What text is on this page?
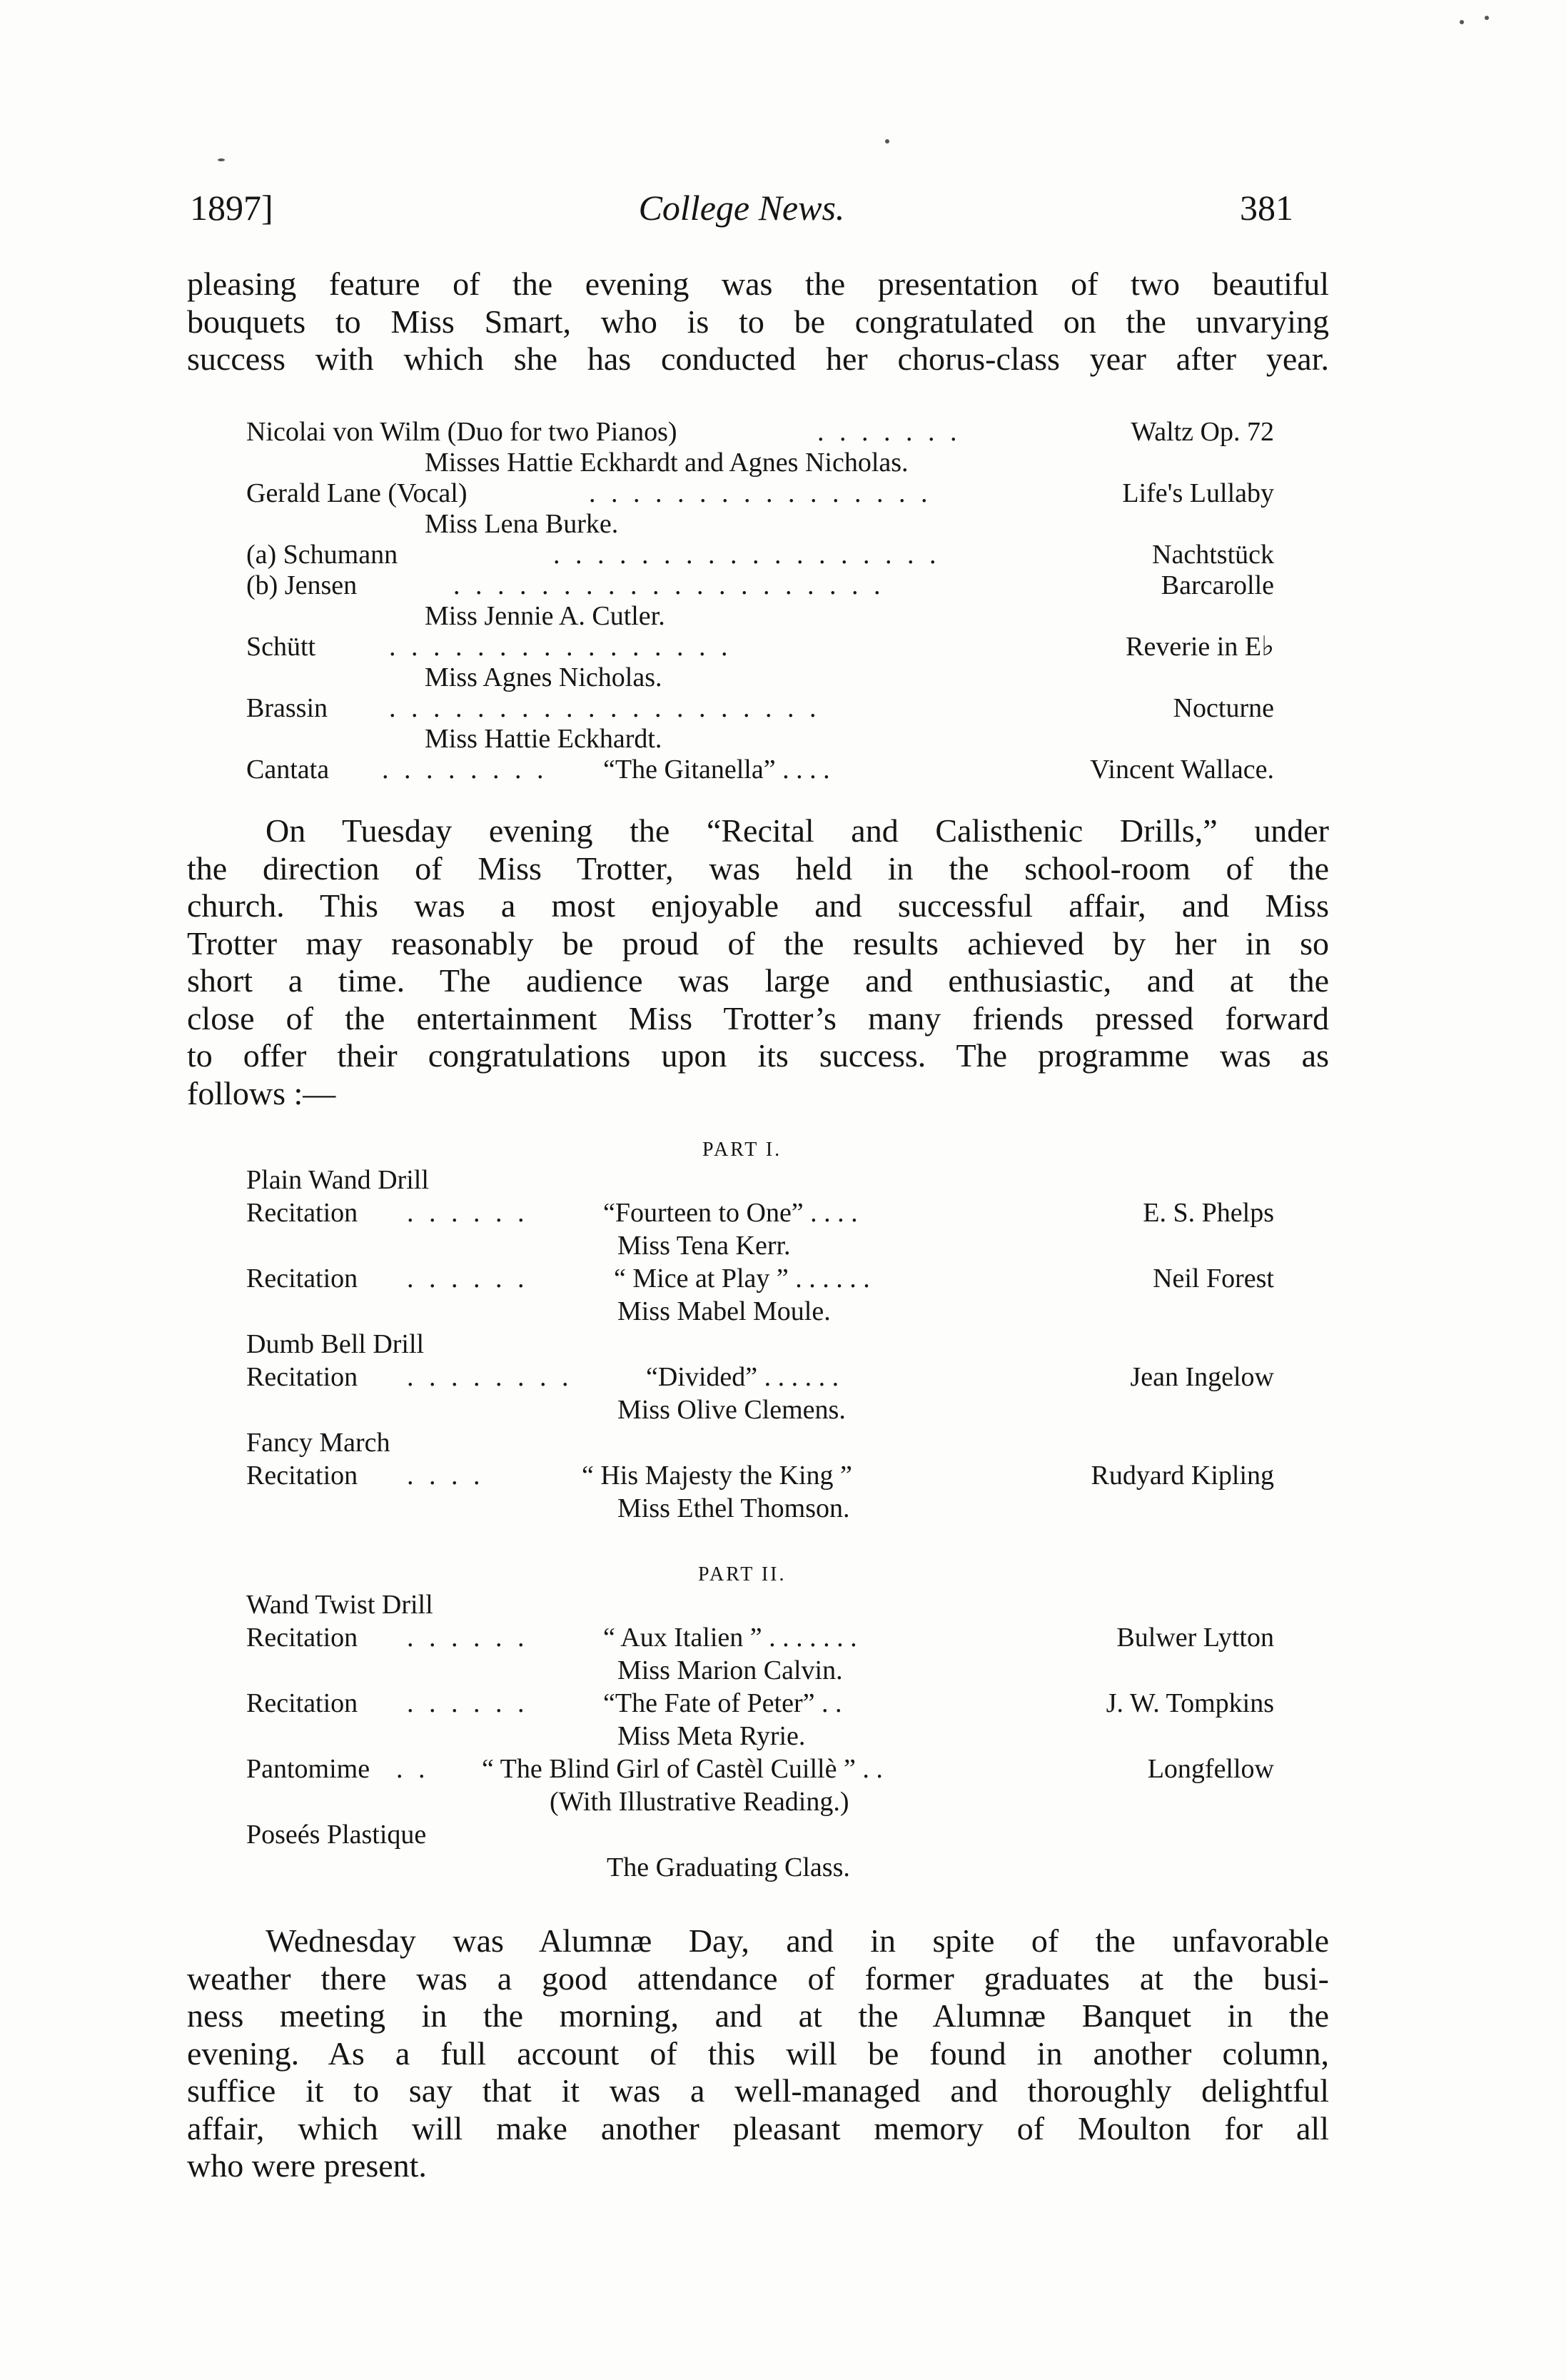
1897]	College News.	381
pleasing feature of the evening was the presentation of two beautiful
bouquets to Miss Smart, who is to be congratulated on the unvarying
success with which she has conducted her chorus-class year after year.
Nicolai von Wilm (Duo for two Pianos)	. . . . . . .	Waltz Op. 72
Misses Hattie Eckhardt and Agnes Nicholas.
Gerald Lane (Vocal)	. . . . . . . . . . . . . . . .	Life's Lullaby
Miss Lena Burke.
(a) Schumann	. . . . . . . . . . . . . . . . . .	Nachtstück
(b) Jensen	. . . . . . . . . . . . . . . . . . . .	Barcarolle
Miss Jennie A. Cutler.
Schütt	. . . . . . . . . . . . . . . .	Reverie in E♭
Miss Agnes Nicholas.
Brassin . . . . . . . . . . . . . . . . . . . .	Nocturne
Miss Hattie Eckhardt.
Cantata . . . . . . . . “The Gitanella” . . . .	Vincent Wallace.
On Tuesday evening the “Recital and Calisthenic Drills,” under
the direction of Miss Trotter, was held in the school-room of the
church. This was a most enjoyable and successful affair, and Miss
Trotter may reasonably be proud of the results achieved by her in so
short a time. The audience was large and enthusiastic, and at the
close of the entertainment Miss Trotter’s many friends pressed forward
to offer their congratulations upon its success. The programme was as
follows :—
PART I.
Plain Wand Drill
Recitation . . . . . .	“Fourteen to One” . . . .	E. S. Phelps
Miss Tena Kerr.
Recitation . . . . . .	“ Mice at Play ” . . . . . .	Neil Forest
Miss Mabel Moule.
Dumb Bell Drill
Recitation . . . . . . . .	“Divided” . . . . . .	Jean Ingelow
Miss Olive Clemens.
Fancy March
Recitation . . . .	“ His Majesty the King ”	Rudyard Kipling
Miss Ethel Thomson.
PART II.
Wand Twist Drill
Recitation . . . . . .	“ Aux Italien ” . . . . . . .	Bulwer Lytton
Miss Marion Calvin.
Recitation . . . . . .	“The Fate of Peter” . .	J. W. Tompkins
Miss Meta Ryrie.
Pantomime . . “ The Blind Girl of Castèl Cuillè ” . .	Longfellow
(With Illustrative Reading.)
Poseés Plastique
The Graduating Class.
Wednesday was Alumnæ Day, and in spite of the unfavorable
weather there was a good attendance of former graduates at the busi-
ness meeting in the morning, and at the Alumnæ Banquet in the
evening. As a full account of this will be found in another column,
suffice it to say that it was a well-managed and thoroughly delightful
affair, which will make another pleasant memory of Moulton for all
who were present.
